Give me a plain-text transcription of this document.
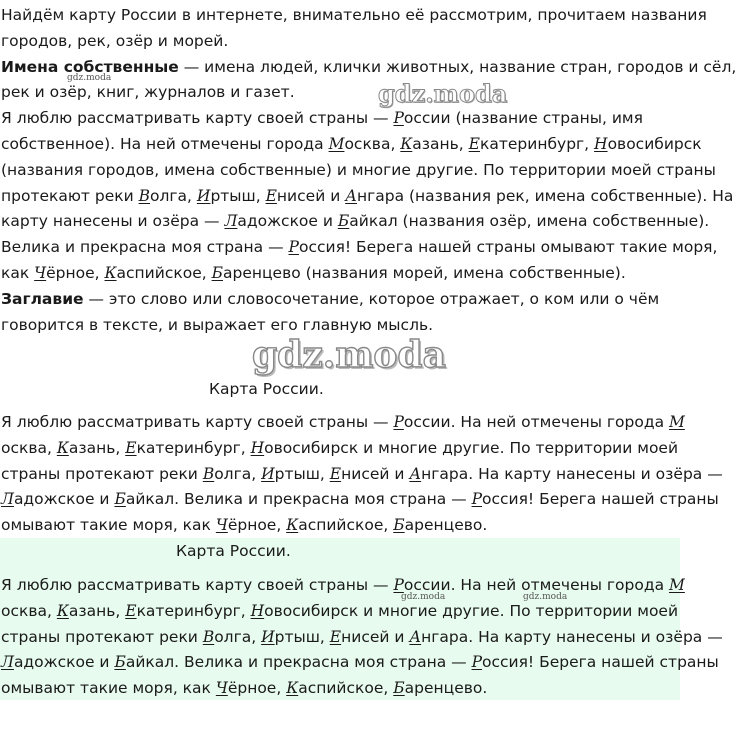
Найдём карту России в интернете, внимательно её рассмотрим, прочитаем названия
городов, рек, озёр и морей.
Имена собственные — имена людей, клички животных, название стран, городов и сёл,
рек и озёр, книг, журналов и газет.
Я люблю рассматривать карту своей страны — России (название страны, имя
собственное). На ней отмечены города Москва, Казань, Екатеринбург, Новосибирск
(названия городов, имена собственные) и многие другие. По территории моей страны
протекают реки Волга, Иртыш, Енисей и Ангара (названия рек, имена собственные). На
карту нанесены и озёра — Ладожское и Байкал (названия озёр, имена собственные).
Велика и прекрасна моя страна — Россия! Берега нашей страны омывают такие моря,
как Чёрное, Каспийское, Баренцево (названия морей, имена собственные).
Заглавие — это слово или словосочетание, которое отражает, о ком или о чём
говорится в тексте, и выражает его главную мысль.
Карта России.
Я люблю рассматривать карту своей страны — России. На ней отмечены города М
осква, Казань, Екатеринбург, Новосибирск и многие другие. По территории моей
страны протекают реки Волга, Иртыш, Енисей и Ангара. На карту нанесены и озёра —
Ладожское и Байкал. Велика и прекрасна моя страна — Россия! Берега нашей страны
омывают такие моря, как Чёрное, Каспийское, Баренцево.
Карта России.
Я люблю рассматривать карту своей страны — России. На ней отмечены города М
осква, Казань, Екатеринбург, Новосибирск и многие другие. По территории моей
страны протекают реки Волга, Иртыш, Енисей и Ангара. На карту нанесены и озёра —
Ладожское и Байкал. Велика и прекрасна моя страна — Россия! Берега нашей страны
омывают такие моря, как Чёрное, Каспийское, Баренцево.
gdz.moda
gdz.moda
gdz.moda
gdz.moda	gdz.moda
